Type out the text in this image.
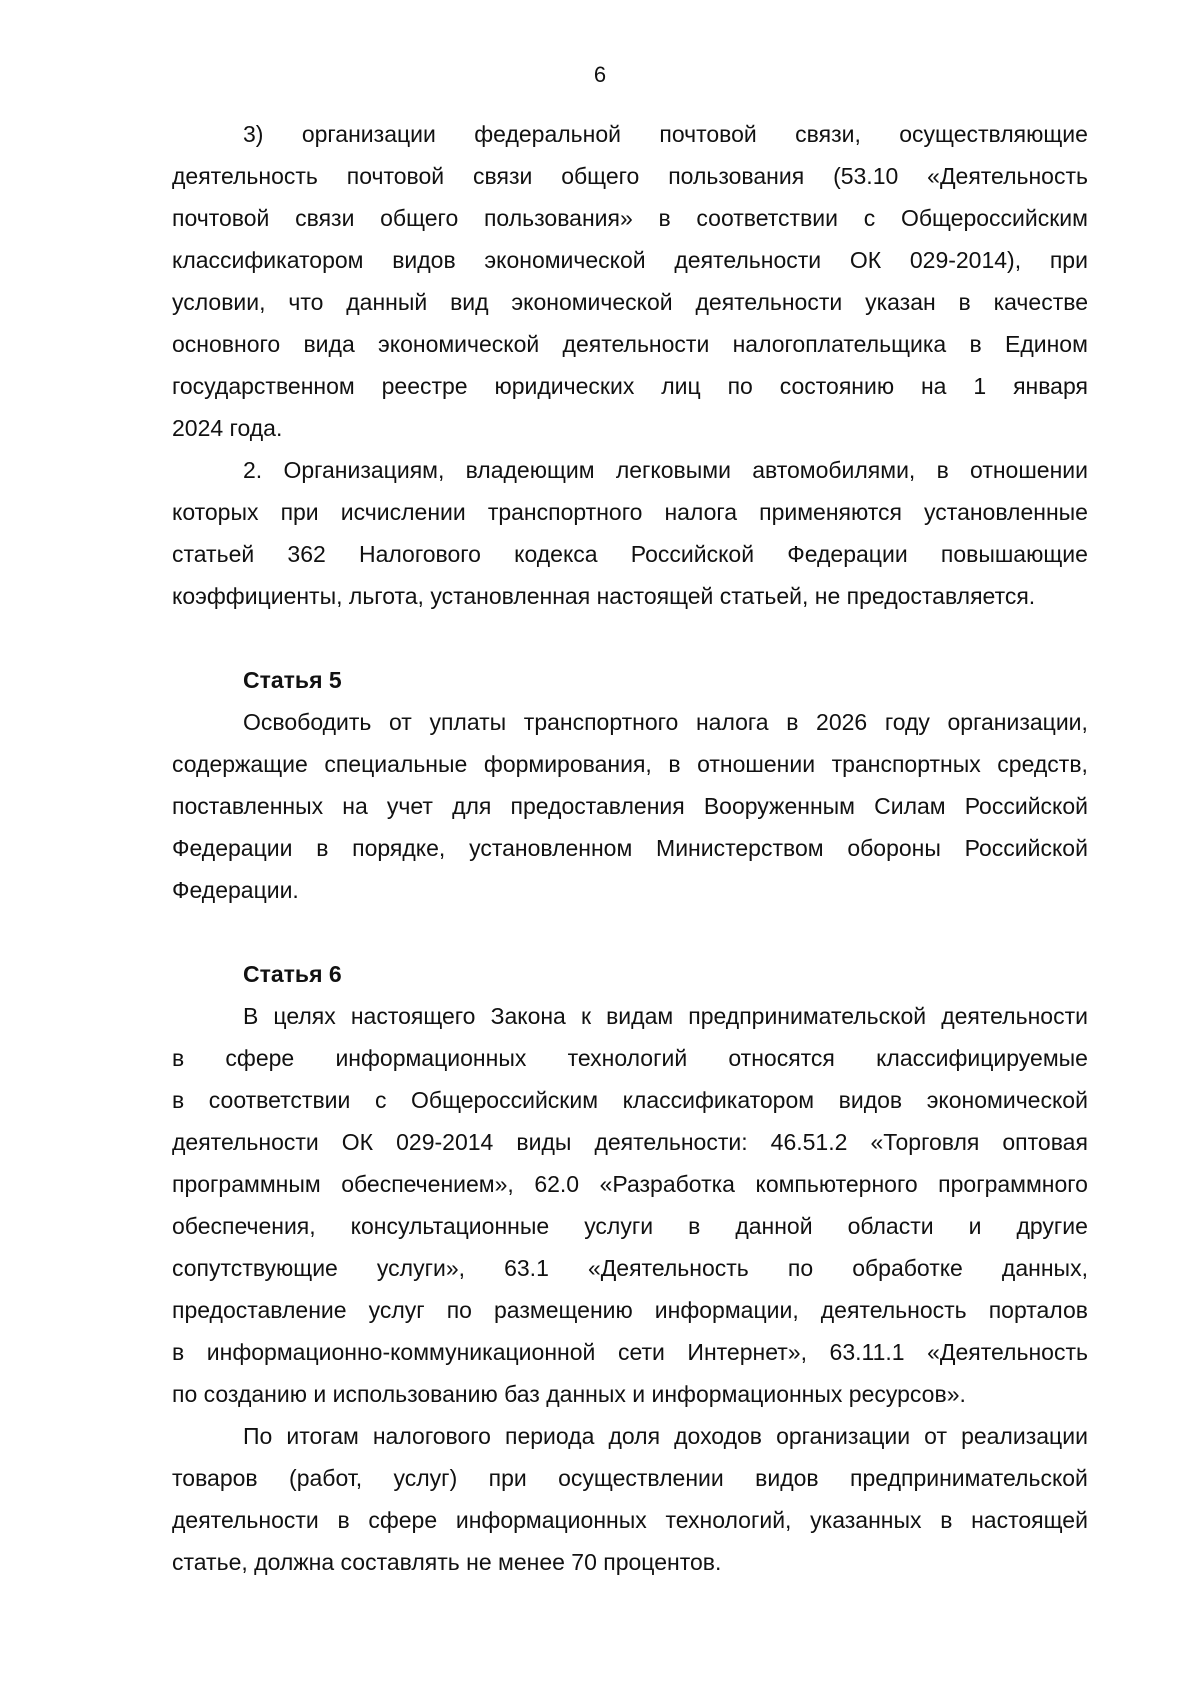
6
3) организации федеральной почтовой связи, осуществляющие
деятельность почтовой связи общего пользования (53.10 «Деятельность
почтовой связи общего пользования» в соответствии с Общероссийским
классификатором видов экономической деятельности ОК 029-2014), при
условии, что данный вид экономической деятельности указан в качестве
основного вида экономической деятельности налогоплательщика в Едином
государственном реестре юридических лиц по состоянию на 1 января
2024 года.
2. Организациям, владеющим легковыми автомобилями, в отношении
которых при исчислении транспортного налога применяются установленные
статьей 362 Налогового кодекса Российской Федерации повышающие
коэффициенты, льгота, установленная настоящей статьей, не предоставляется.
Статья 5
Освободить от уплаты транспортного налога в 2026 году организации,
содержащие специальные формирования, в отношении транспортных средств,
поставленных на учет для предоставления Вооруженным Силам Российской
Федерации в порядке, установленном Министерством обороны Российской
Федерации.
Статья 6
В целях настоящего Закона к видам предпринимательской деятельности
в сфере информационных технологий относятся классифицируемые
в соответствии с Общероссийским классификатором видов экономической
деятельности ОК 029-2014 виды деятельности: 46.51.2 «Торговля оптовая
программным обеспечением», 62.0 «Разработка компьютерного программного
обеспечения, консультационные услуги в данной области и другие
сопутствующие услуги», 63.1 «Деятельность по обработке данных,
предоставление услуг по размещению информации, деятельность порталов
в информационно-коммуникационной сети Интернет», 63.11.1 «Деятельность
по созданию и использованию баз данных и информационных ресурсов».
По итогам налогового периода доля доходов организации от реализации
товаров (работ, услуг) при осуществлении видов предпринимательской
деятельности в сфере информационных технологий, указанных в настоящей
статье, должна составлять не менее 70 процентов.
